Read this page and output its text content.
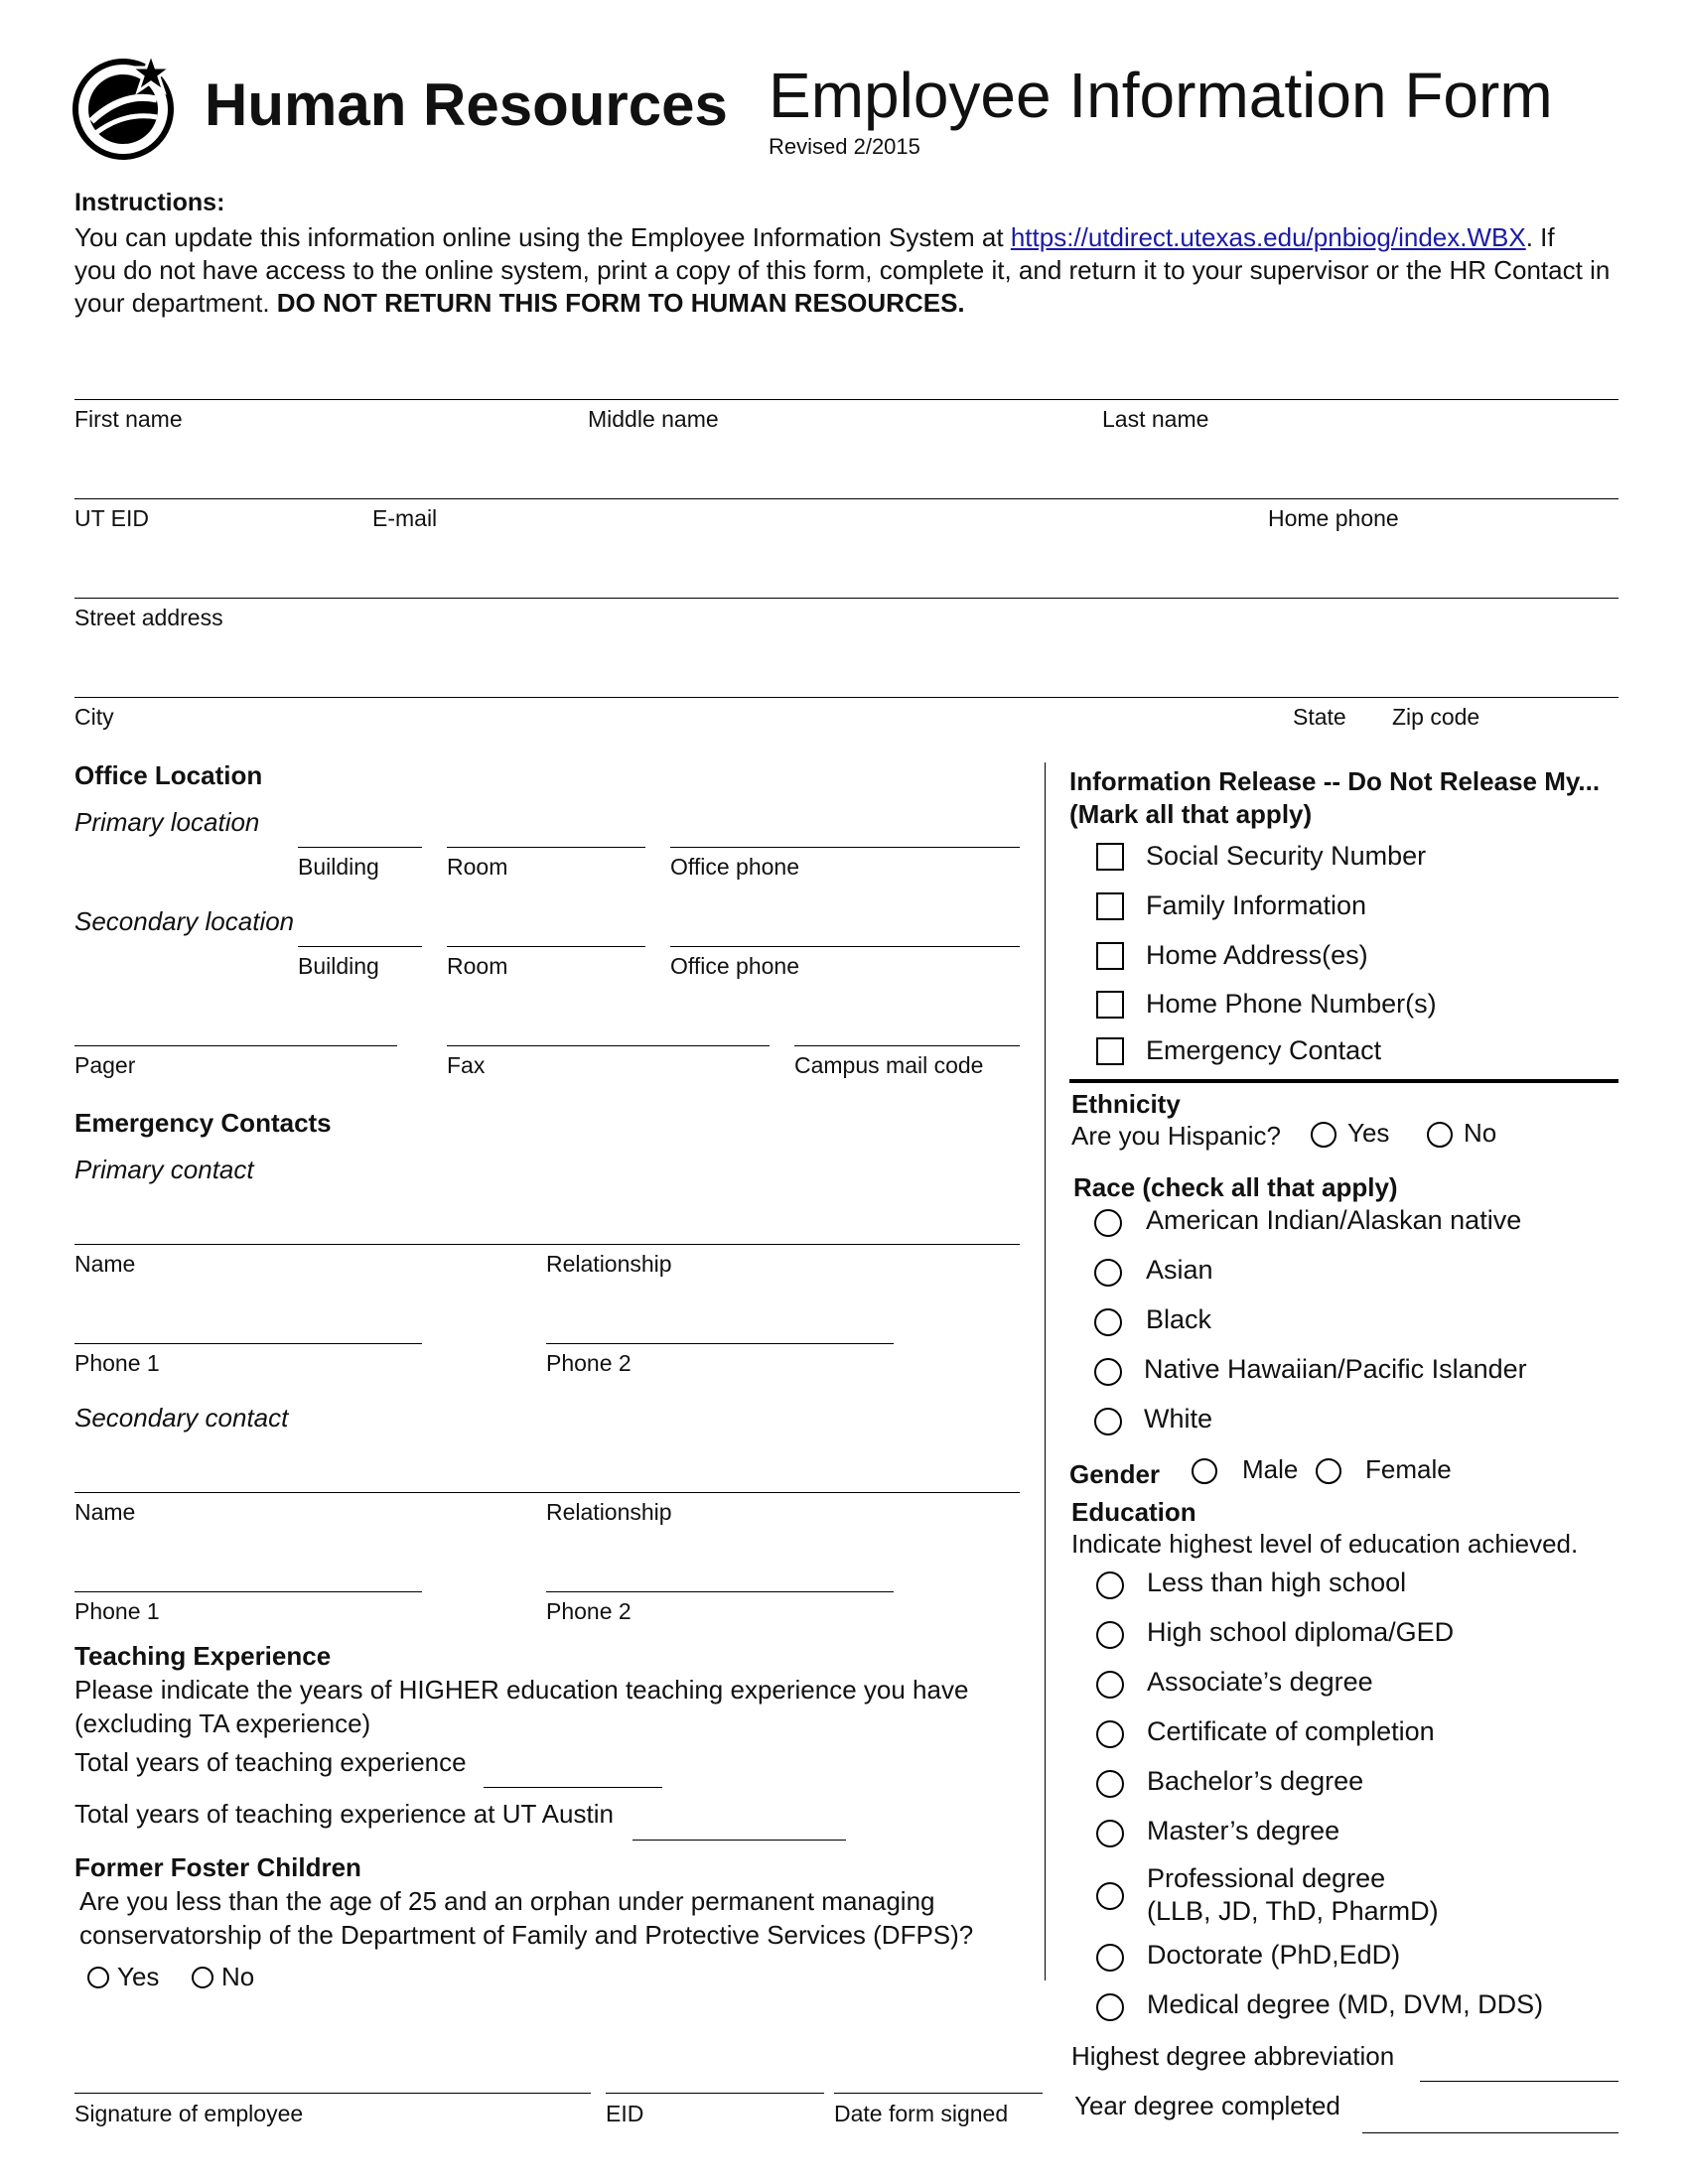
Human Resources Employee Information Form
Revised 2/2015
Instructions:
You can update this information online using the Employee Information System at https://utdirect.utexas.edu/pnbiog/index.WBX. If
you do not have access to the online system, print a copy of this form, complete it, and return it to your supervisor or the HR Contact in
your department. DO NOT RETURN THIS FORM TO HUMAN RESOURCES.
First name	Middle name	Last name
UT EID	E-mail	Home phone
Street address
City	State Zip code
Office Location
Primary location
Building	Room	Office phone
Secondary location
Building	Room	Office phone
Pager	Fax	Campus mail code
Emergency Contacts
Primary contact
Name	Relationship
Phone 1	Phone 2
Secondary contact
Name	Relationship
Phone 1	Phone 2
Teaching Experience
Please indicate the years of HIGHER education teaching experience you have
(excluding TA experience)
Total years of teaching experience
Total years of teaching experience at UT Austin
Former Foster Children
Are you less than the age of 25 and an orphan under permanent managing
conservatorship of the Department of Family and Protective Services (DFPS)?
Yes No
Signature of employee	EID	Date form signed
Information Release -- Do Not Release My...
(Mark all that apply)
Social Security Number
Family Information
Home Address(es)
Home Phone Number(s)
Emergency Contact
Ethnicity
Are you Hispanic?	Yes	No
Race (check all that apply)
American Indian/Alaskan native
Asian
Black
Native Hawaiian/Pacific Islander
White
Gender	Male	Female
Education
Indicate highest level of education achieved.
Less than high school
High school diploma/GED
Associate’s degree
Certificate of completion
Bachelor’s degree
Master’s degree
Professional degree
(LLB, JD, ThD, PharmD)
Doctorate (PhD,EdD)
Medical degree (MD, DVM, DDS)
Highest degree abbreviation
Year degree completed
